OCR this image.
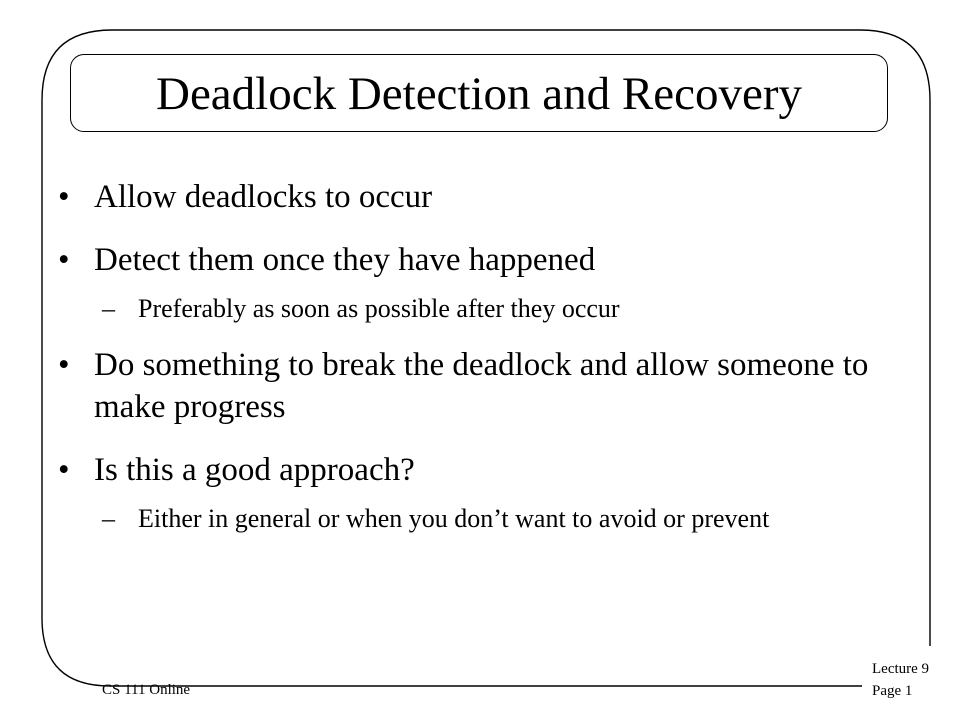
Deadlock Detection and Recovery
• Allow deadlocks to occur
• Detect them once they have happened
– Preferably as soon as possible after they occur
• Do something to break the deadlock and allow someone to make progress
• Is this a good approach?
– Either in general or when you don’t want to avoid or prevent
CS 111 Online
Lecture 9
Page 1
